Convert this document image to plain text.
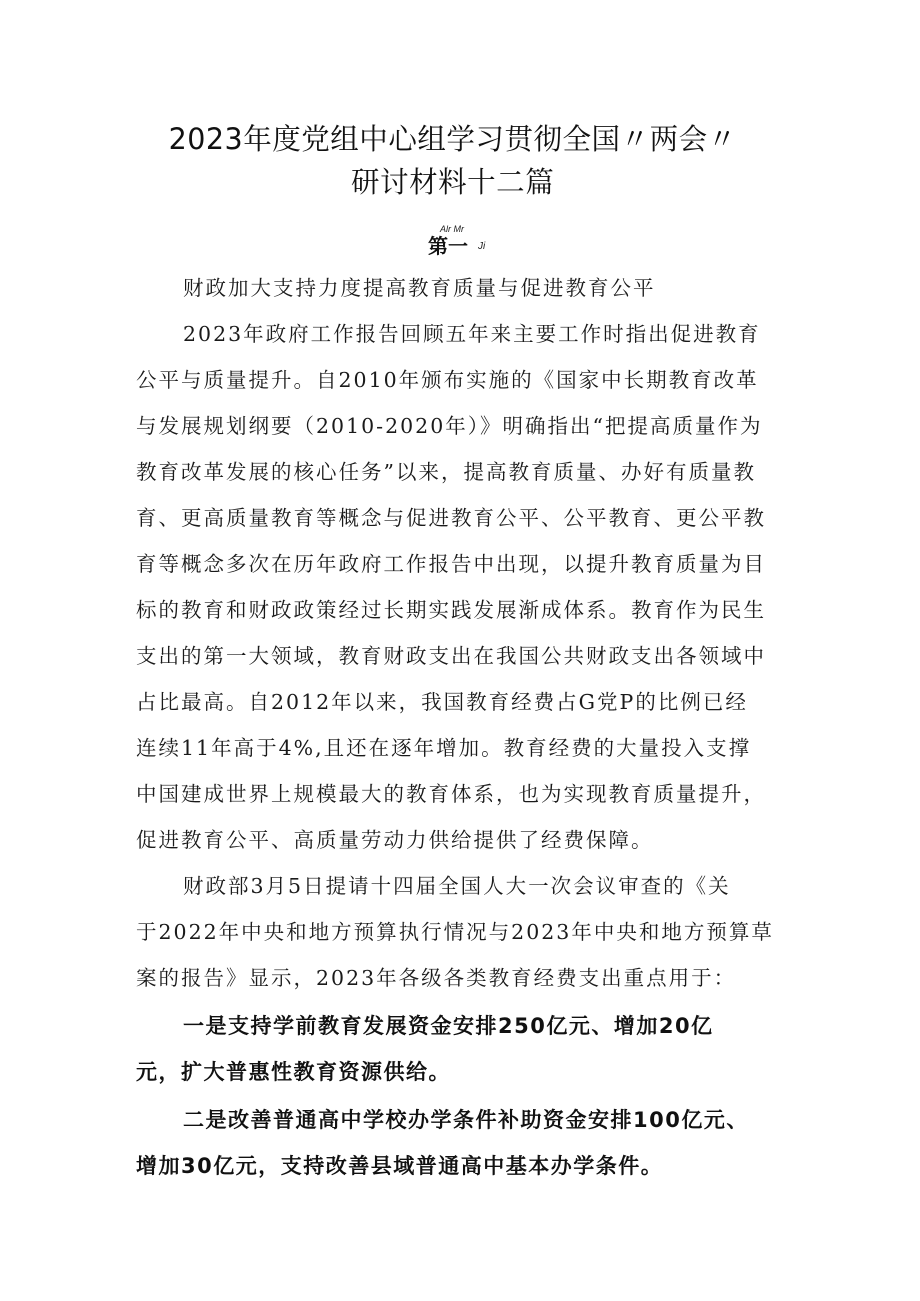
2023年度党组中心组学习贯彻全国〃两会〃
研讨材料十二篇
Alr Mr
第一 Ji
财政加大支持力度提高教育质量与促进教育公平
2023年政府工作报告回顾五年来主要工作时指出促进教育
公平与质量提升。自2010年颁布实施的《国家中长期教育改革
与发展规划纲要（2010-2020年）》明确指出“把提高质量作为
教育改革发展的核心任务”以来，提高教育质量、办好有质量教
育、更高质量教育等概念与促进教育公平、公平教育、更公平教
育等概念多次在历年政府工作报告中出现，以提升教育质量为目
标的教育和财政政策经过长期实践发展渐成体系。教育作为民生
支出的第一大领域，教育财政支出在我国公共财政支出各领域中
占比最高。自2012年以来，我国教育经费占G党P的比例已经
连续11年高于4%,且还在逐年增加。教育经费的大量投入支撑
中国建成世界上规模最大的教育体系，也为实现教育质量提升，
促进教育公平、高质量劳动力供给提供了经费保障。
财政部3月5日提请十四届全国人大一次会议审查的《关
于2022年中央和地方预算执行情况与2023年中央和地方预算草
案的报告》显示，2023年各级各类教育经费支出重点用于：
一是支持学前教育发展资金安排250亿元、增加20亿
元，扩大普惠性教育资源供给。
二是改善普通高中学校办学条件补助资金安排100亿元、
增加30亿元，支持改善县域普通高中基本办学条件。
